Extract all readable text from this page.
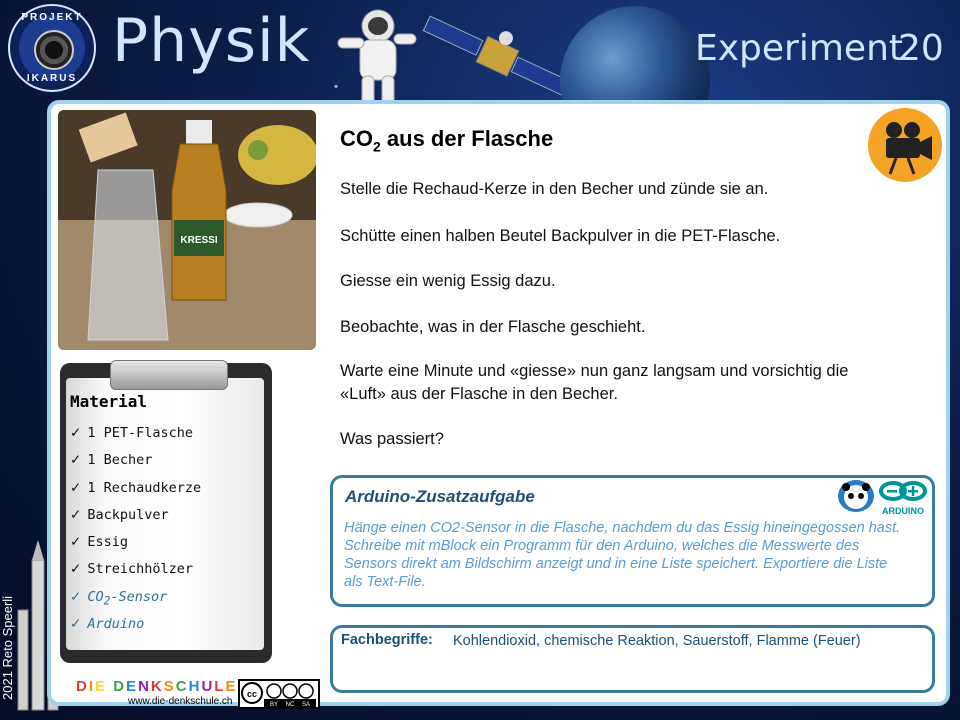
PROJEKT
IKARUS
Physik	Experiment
20
2021 Reto Speerli
KRESSI
$CO_2$ aus der Flasche
Stelle die Rechaud-Kerze in den Becher und zünde sie an.
Schütte einen halben Beutel Backpulver in die PET-Flasche.
Giesse ein wenig Essig dazu.
Beobachte, was in der Flasche geschieht.
Warte eine Minute und «giesse» nun ganz langsam und vorsichtig die «Luft» aus der Flasche in den Becher.
Was passiert?
Material
✓ 1 PET-Flasche
✓ 1 Becher
✓ 1 Rechaudkerze
✓ Backpulver
✓ Essig
✓ Streichhölzer
✓ $CO_2$-Sensor
✓ Arduino
DIE DENKSCHULE
www.die-denkschule.ch
cc
BY NC SA
Arduino-Zusatzaufgabe
Hänge einen CO2-Sensor in die Flasche, nachdem du das Essig hineingegossen hast. Schreibe mit mBlock ein Programm für den Arduino, welches die Messwerte des Sensors direkt am Bildschirm anzeigt und in eine Liste speichert. Exportiere die Liste als Text-File.
ARDUINO
Fachbegriffe: Kohlendioxid, chemische Reaktion, Sauerstoff, Flamme (Feuer)
